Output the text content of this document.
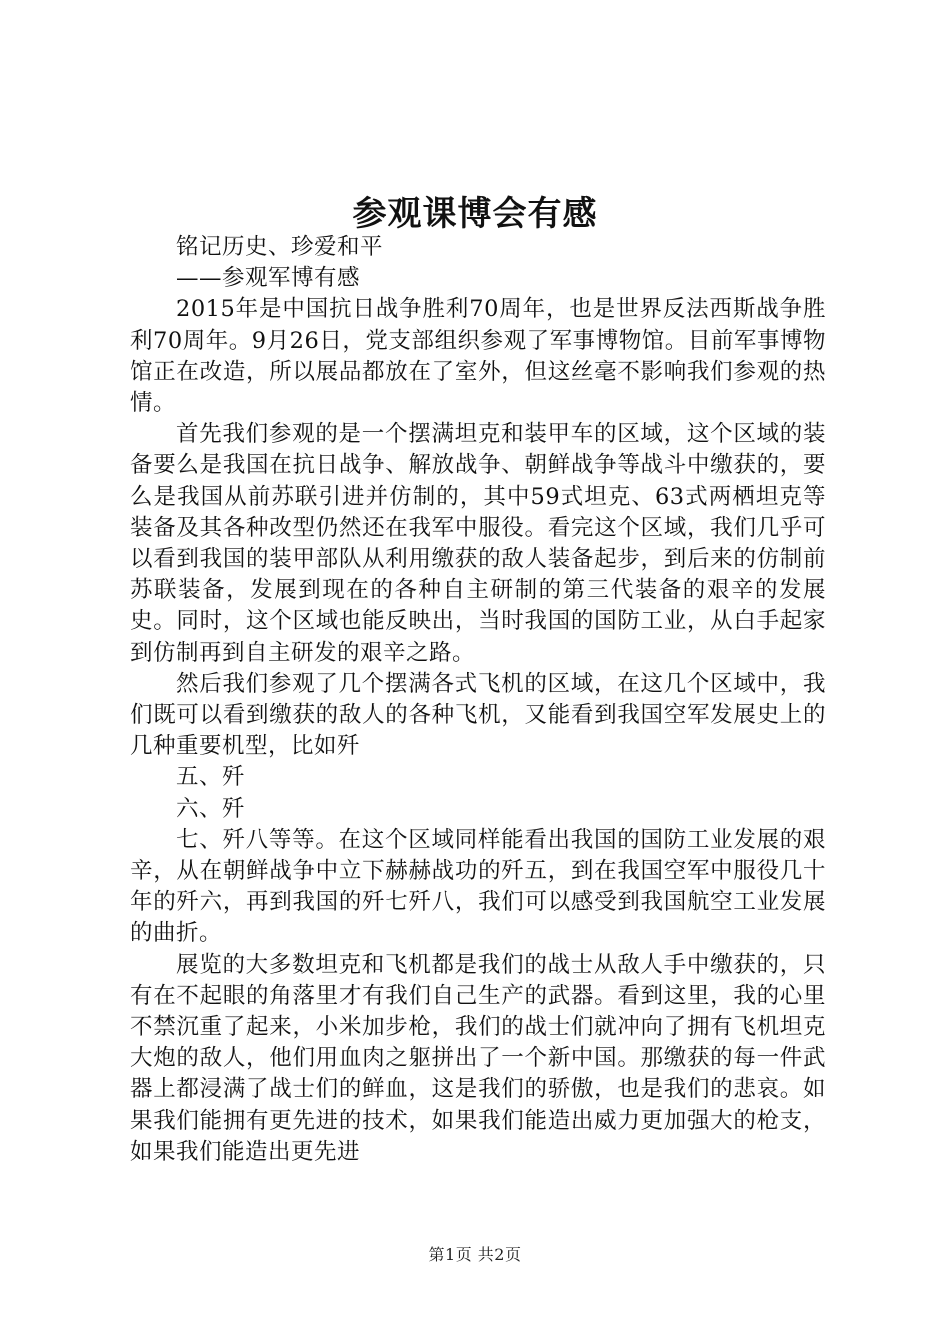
参观课博会有感

铭记历史、珍爱和平

——参观军博有感

2015年是中国抗日战争胜利70周年，也是世界反法西斯战争胜利70周年。9月26日，党支部组织参观了军事博物馆。目前军事博物馆正在改造，所以展品都放在了室外，但这丝毫不影响我们参观的热情。

首先我们参观的是一个摆满坦克和装甲车的区域，这个区域的装备要么是我国在抗日战争、解放战争、朝鲜战争等战斗中缴获的，要么是我国从前苏联引进并仿制的，其中59式坦克、63式两栖坦克等装备及其各种改型仍然还在我军中服役。看完这个区域，我们几乎可以看到我国的装甲部队从利用缴获的敌人装备起步，到后来的仿制前苏联装备，发展到现在的各种自主研制的第三代装备的艰辛的发展史。同时，这个区域也能反映出，当时我国的国防工业，从白手起家到仿制再到自主研发的艰辛之路。

然后我们参观了几个摆满各式飞机的区域，在这几个区域中，我们既可以看到缴获的敌人的各种飞机，又能看到我国空军发展史上的几种重要机型，比如歼

五、歼

六、歼

七、歼八等等。在这个区域同样能看出我国的国防工业发展的艰辛，从在朝鲜战争中立下赫赫战功的歼五，到在我国空军中服役几十年的歼六，再到我国的歼七歼八，我们可以感受到我国航空工业发展的曲折。

展览的大多数坦克和飞机都是我们的战士从敌人手中缴获的，只有在不起眼的角落里才有我们自己生产的武器。看到这里，我的心里不禁沉重了起来，小米加步枪，我们的战士们就冲向了拥有飞机坦克大炮的敌人，他们用血肉之躯拼出了一个新中国。那缴获的每一件武器上都浸满了战士们的鲜血，这是我们的骄傲，也是我们的悲哀。如果我们能拥有更先进的技术，如果我们能造出威力更加强大的枪支，如果我们能造出更先进

第1页 共2页
